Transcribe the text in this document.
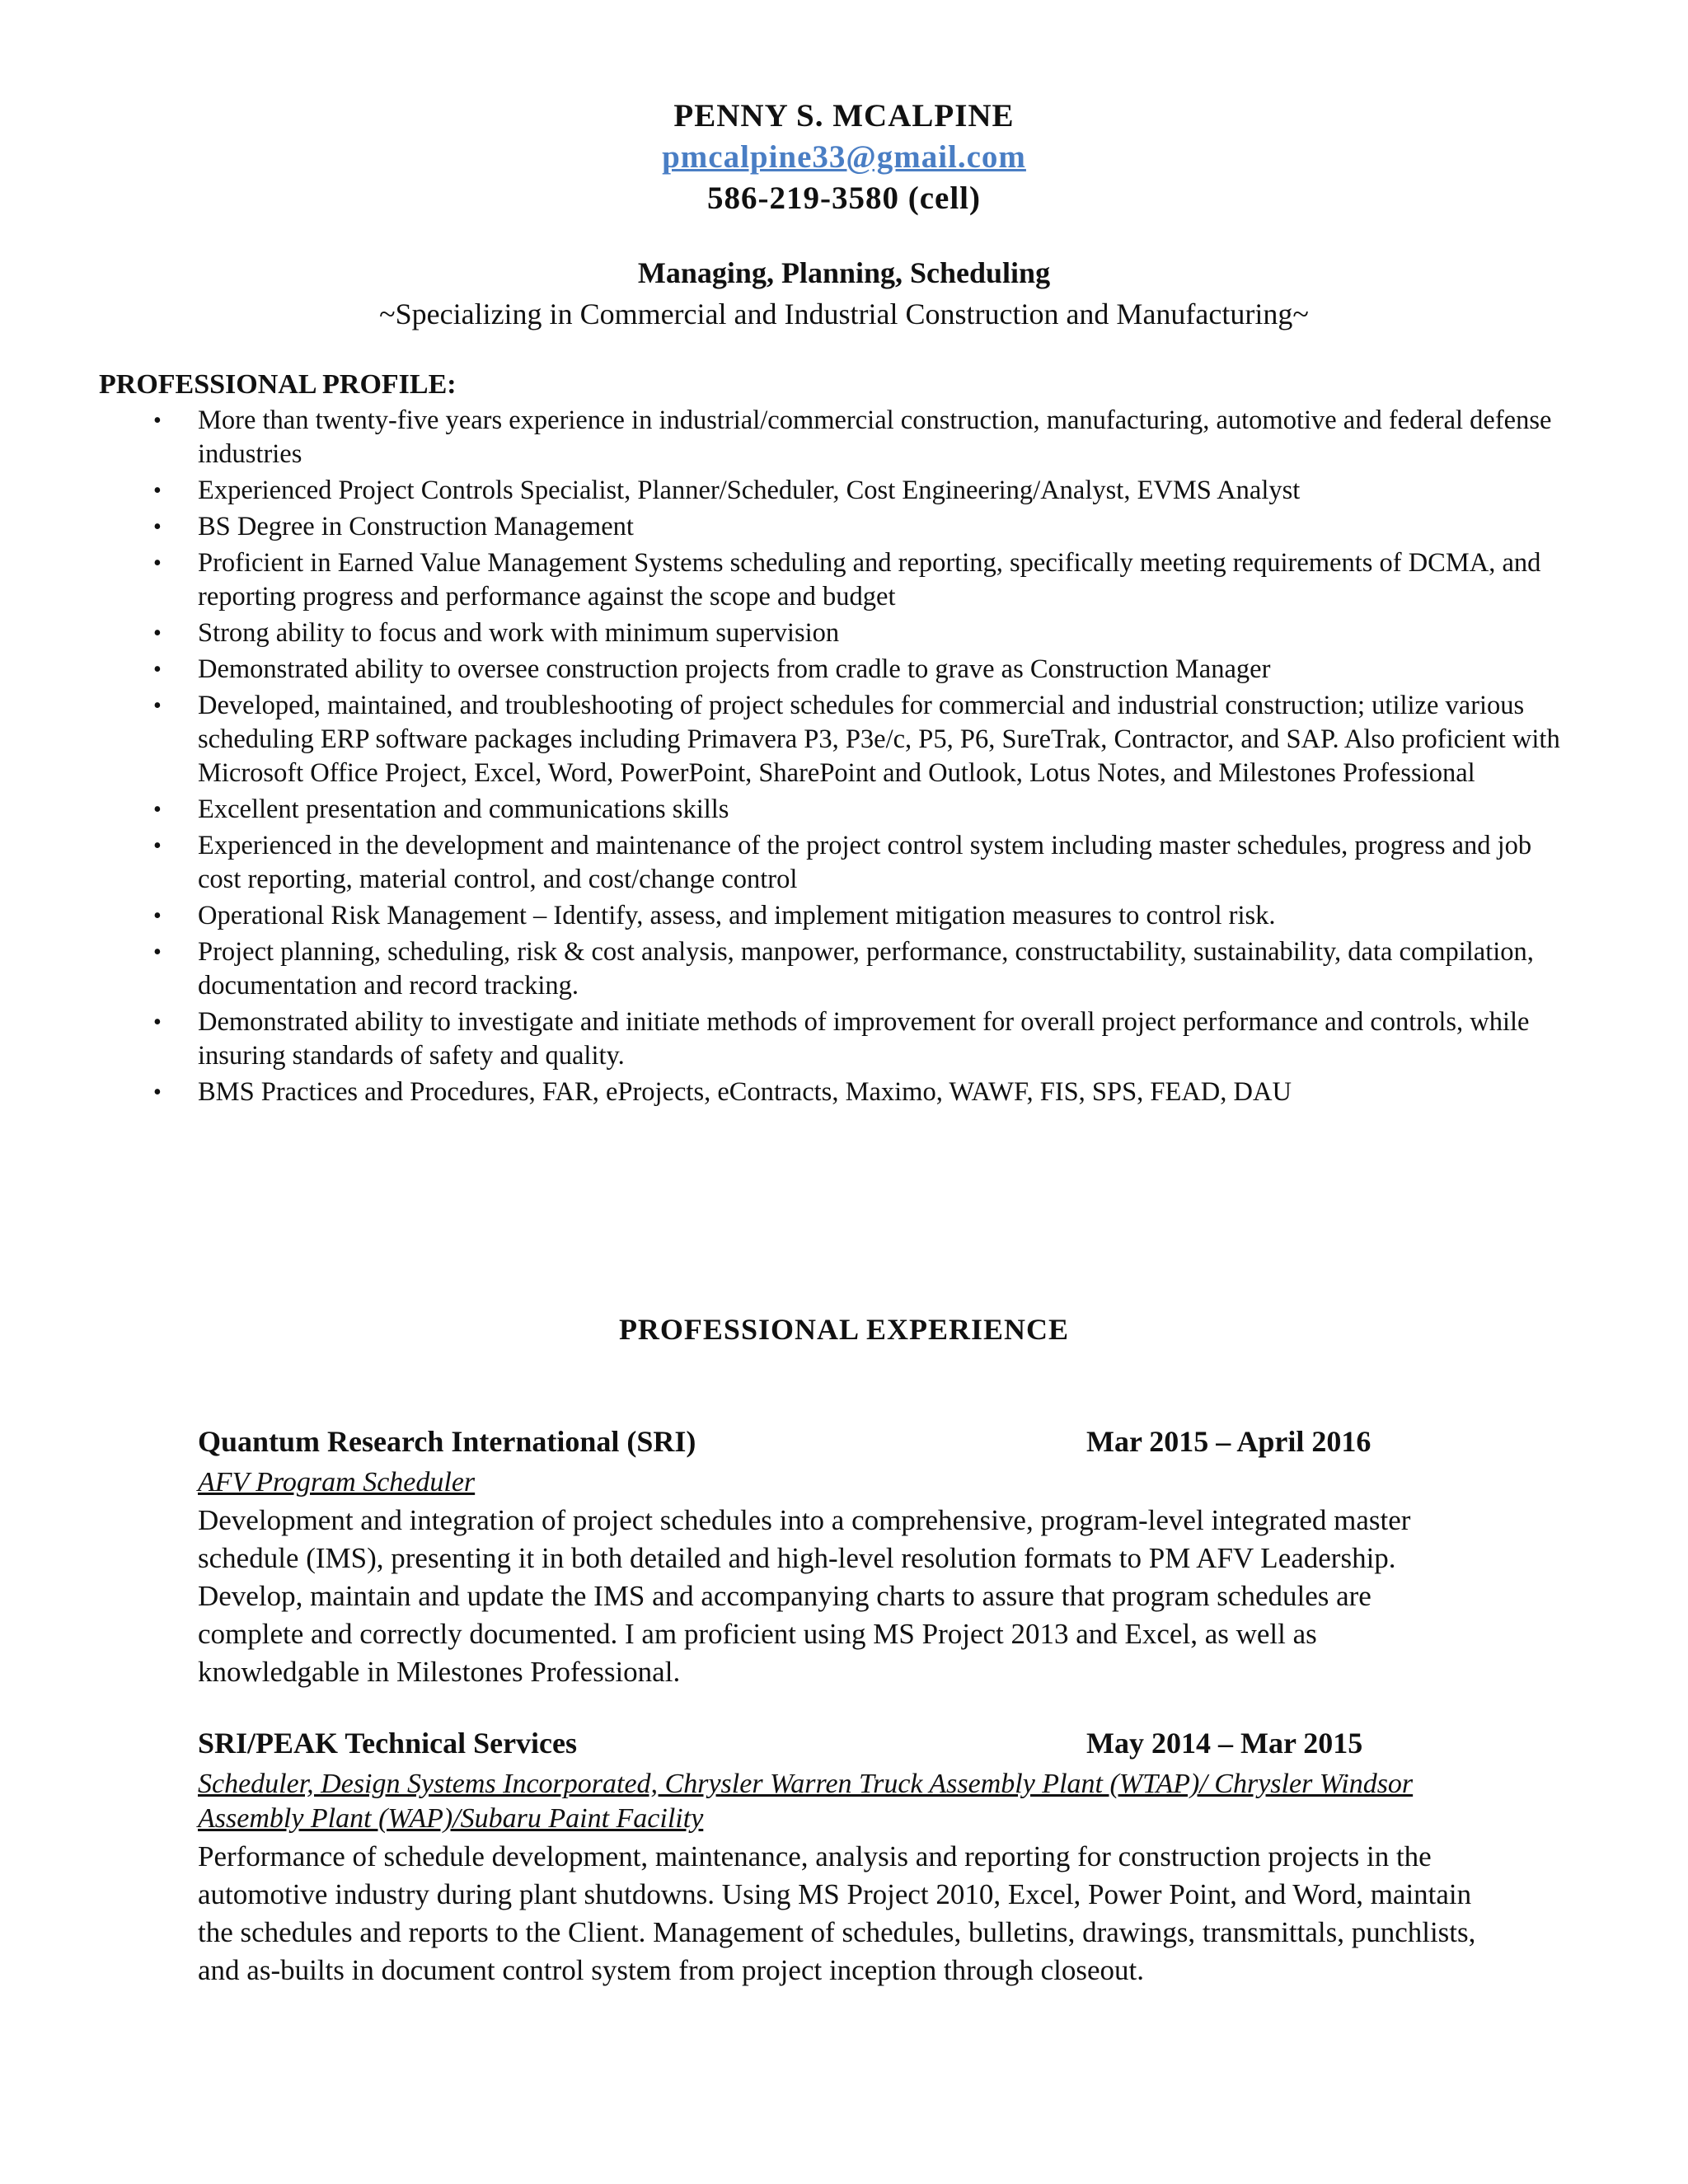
PENNY S. MCALPINE
pmcalpine33@gmail.com
586-219-3580 (cell)
Managing, Planning, Scheduling
~Specializing in Commercial and Industrial Construction and Manufacturing~
PROFESSIONAL PROFILE:
• More than twenty-five years experience in industrial/commercial construction, manufacturing, automotive and federal defense industries
• Experienced Project Controls Specialist, Planner/Scheduler, Cost Engineering/Analyst, EVMS Analyst
• BS Degree in Construction Management
• Proficient in Earned Value Management Systems scheduling and reporting, specifically meeting requirements of DCMA, and reporting progress and performance against the scope and budget
• Strong ability to focus and work with minimum supervision
• Demonstrated ability to oversee construction projects from cradle to grave as Construction Manager
• Developed, maintained, and troubleshooting of project schedules for commercial and industrial construction; utilize various scheduling ERP software packages including Primavera P3, P3e/c, P5, P6, SureTrak, Contractor, and SAP. Also proficient with Microsoft Office Project, Excel, Word, PowerPoint, SharePoint and Outlook, Lotus Notes, and Milestones Professional
• Excellent presentation and communications skills
• Experienced in the development and maintenance of the project control system including master schedules, progress and job cost reporting, material control, and cost/change control
• Operational Risk Management – Identify, assess, and implement mitigation measures to control risk.
• Project planning, scheduling, risk & cost analysis, manpower, performance, constructability, sustainability, data compilation, documentation and record tracking.
• Demonstrated ability to investigate and initiate methods of improvement for overall project performance and controls, while insuring standards of safety and quality.
• BMS Practices and Procedures, FAR, eProjects, eContracts, Maximo, WAWF, FIS, SPS, FEAD, DAU
PROFESSIONAL EXPERIENCE
Quantum Research International (SRI)	Mar 2015 – April 2016
AFV Program Scheduler
Development and integration of project schedules into a comprehensive, program-level integrated master schedule (IMS), presenting it in both detailed and high-level resolution formats to PM AFV Leadership. Develop, maintain and update the IMS and accompanying charts to assure that program schedules are complete and correctly documented. I am proficient using MS Project 2013 and Excel, as well as knowledgable in Milestones Professional.
SRI/PEAK Technical Services	May 2014 – Mar 2015
Scheduler, Design Systems Incorporated, Chrysler Warren Truck Assembly Plant (WTAP)/ Chrysler Windsor Assembly Plant (WAP)/Subaru Paint Facility
Performance of schedule development, maintenance, analysis and reporting for construction projects in the automotive industry during plant shutdowns. Using MS Project 2010, Excel, Power Point, and Word, maintain the schedules and reports to the Client. Management of schedules, bulletins, drawings, transmittals, punchlists, and as-builts in document control system from project inception through closeout.
